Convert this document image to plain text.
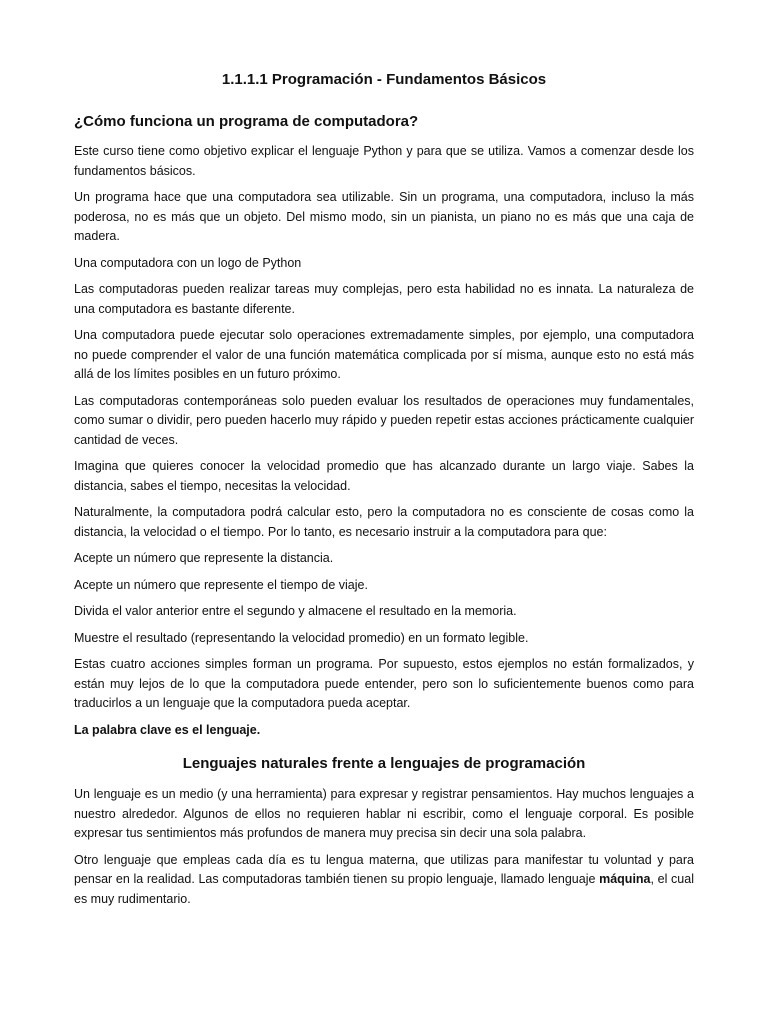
1.1.1.1 Programación - Fundamentos Básicos
¿Cómo funciona un programa de computadora?

Este curso tiene como objetivo explicar el lenguaje Python y para que se utiliza. Vamos a comenzar desde los fundamentos básicos.

Un programa hace que una computadora sea utilizable. Sin un programa, una computadora, incluso la más poderosa, no es más que un objeto. Del mismo modo, sin un pianista, un piano no es más que una caja de madera.

Una computadora con un logo de Python

Las computadoras pueden realizar tareas muy complejas, pero esta habilidad no es innata. La naturaleza de una computadora es bastante diferente.

Una computadora puede ejecutar solo operaciones extremadamente simples, por ejemplo, una computadora no puede comprender el valor de una función matemática complicada por sí misma, aunque esto no está más allá de los límites posibles en un futuro próximo.

Las computadoras contemporáneas solo pueden evaluar los resultados de operaciones muy fundamentales, como sumar o dividir, pero pueden hacerlo muy rápido y pueden repetir estas acciones prácticamente cualquier cantidad de veces.

Imagina que quieres conocer la velocidad promedio que has alcanzado durante un largo viaje. Sabes la distancia, sabes el tiempo, necesitas la velocidad.

Naturalmente, la computadora podrá calcular esto, pero la computadora no es consciente de cosas como la distancia, la velocidad o el tiempo. Por lo tanto, es necesario instruir a la computadora para que:

Acepte un número que represente la distancia.

Acepte un número que represente el tiempo de viaje.

Divida el valor anterior entre el segundo y almacene el resultado en la memoria.

Muestre el resultado (representando la velocidad promedio) en un formato legible.

Estas cuatro acciones simples forman un programa. Por supuesto, estos ejemplos no están formalizados, y están muy lejos de lo que la computadora puede entender, pero son lo suficientemente buenos como para traducirlos a un lenguaje que la computadora pueda aceptar.

La palabra clave es el lenguaje.

Lenguajes naturales frente a lenguajes de programación

Un lenguaje es un medio (y una herramienta) para expresar y registrar pensamientos. Hay muchos lenguajes a nuestro alrededor. Algunos de ellos no requieren hablar ni escribir, como el lenguaje corporal. Es posible expresar tus sentimientos más profundos de manera muy precisa sin decir una sola palabra.

Otro lenguaje que empleas cada día es tu lengua materna, que utilizas para manifestar tu voluntad y para pensar en la realidad. Las computadoras también tienen su propio lenguaje, llamado lenguaje máquina, el cual es muy rudimentario.
